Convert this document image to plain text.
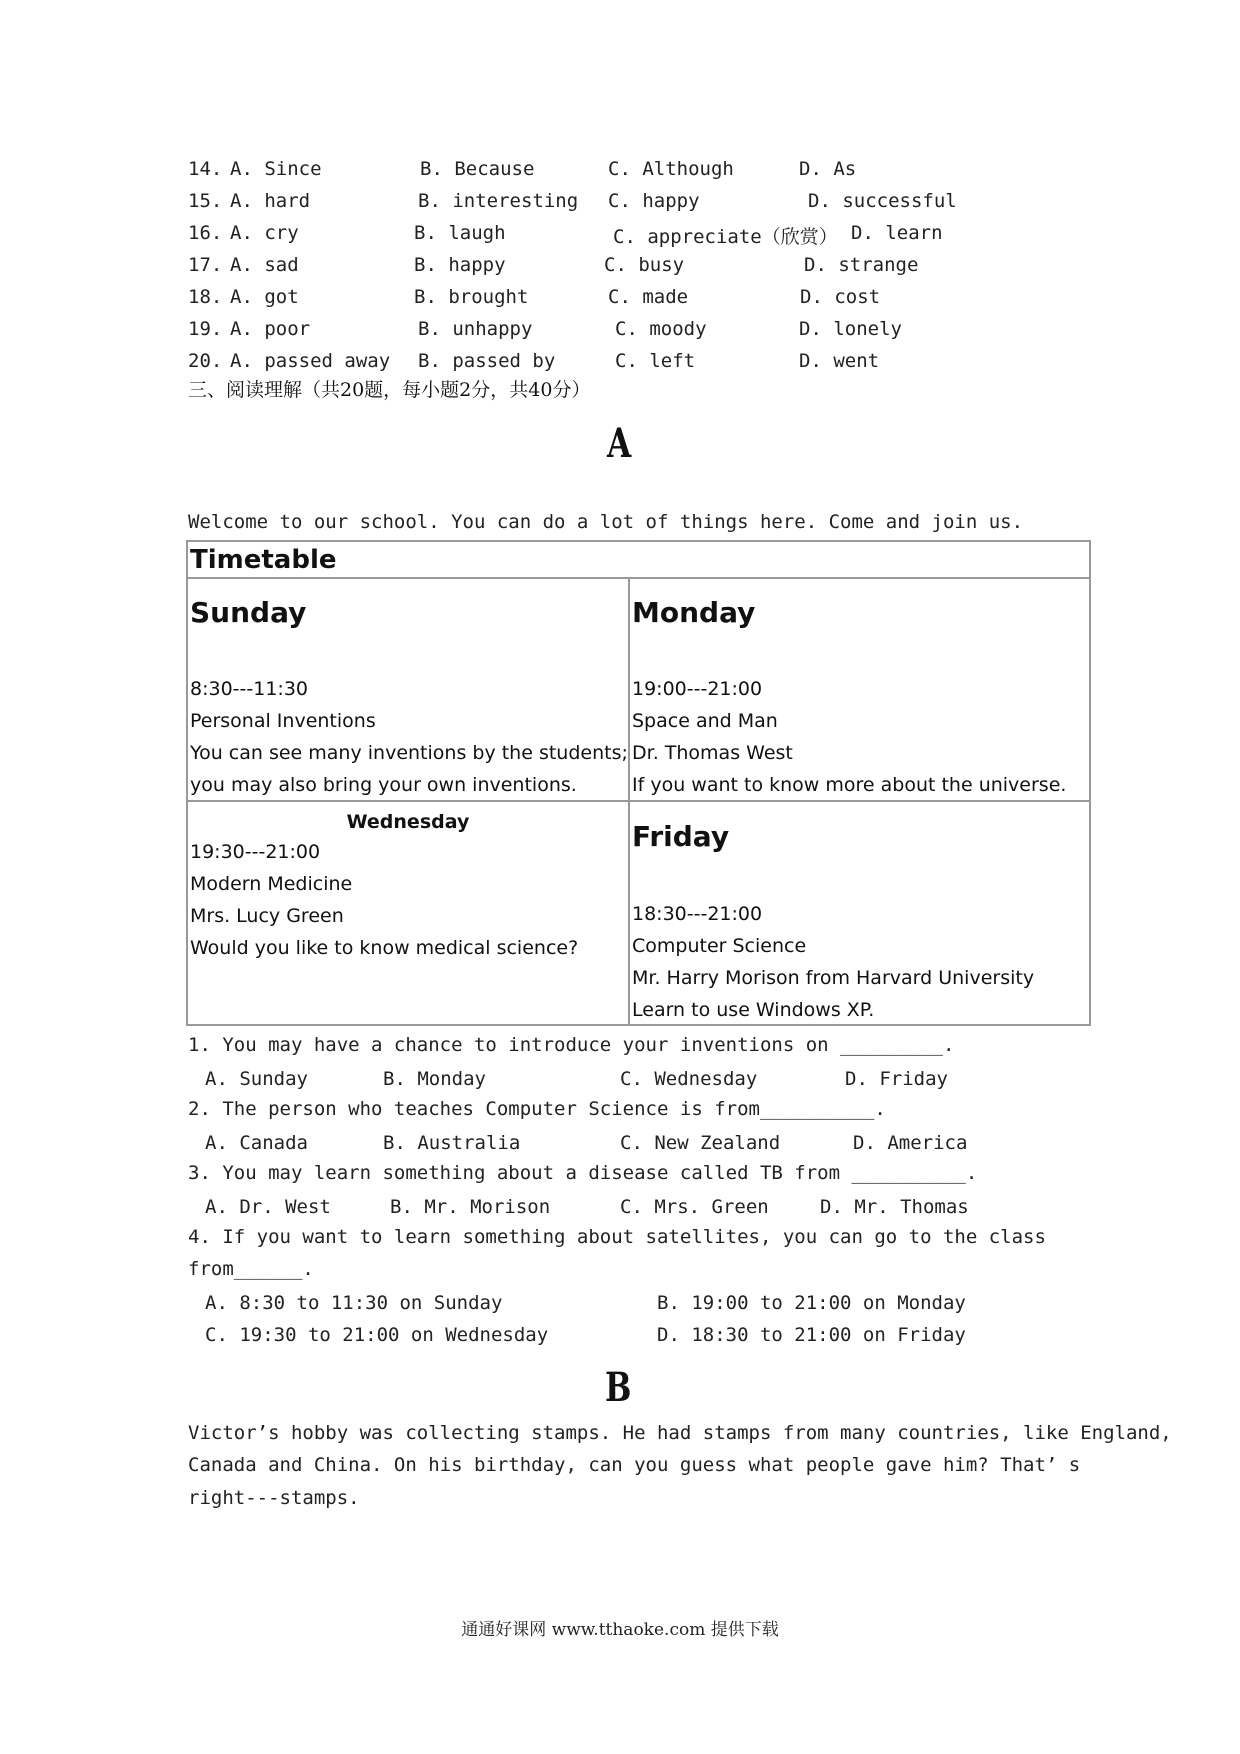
14. A. Since	B. Because	C. Although	D. As
15. A. hard	B. interesting C. happy	D. successful
16. A. cry	B. laugh	C. appreciate（欣赏） D. learn
17. A. sad	B. happy	C. busy	D. strange
18. A. got	B. brought	C. made	D. cost
19. A. poor	B. unhappy	C. moody	D. lonely
20. A. passed away B. passed by	C. left	D. went
三、阅读理解（共20题，每小题2分，共40分）
A
Welcome to our school. You can do a lot of things here. Come and join us.
Timetable
Sunday
8:30---11:30
Personal Inventions
You can see many inventions by the students;
you may also bring your own inventions.
Monday
19:00---21:00
Space and Man
Dr. Thomas West
If you want to know more about the universe.
Wednesday
19:30---21:00
Modern Medicine
Mrs. Lucy Green
Would you like to know medical science?
Friday
18:30---21:00
Computer Science
Mr. Harry Morison from Harvard University
Learn to use Windows XP.
1. You may have a chance to introduce your inventions on _________.
A. Sunday	B. Monday	C. Wednesday	D. Friday
2. The person who teaches Computer Science is from__________.
A. Canada	B. Australia	C. New Zealand	D. America
3. You may learn something about a disease called TB from __________.
A. Dr. West	B. Mr. Morison	C. Mrs. Green	D. Mr. Thomas
4. If you want to learn something about satellites, you can go to the class
from______.
A. 8:30 to 11:30 on Sunday	B. 19:00 to 21:00 on Monday
C. 19:30 to 21:00 on Wednesday	D. 18:30 to 21:00 on Friday
B
Victor’s hobby was collecting stamps. He had stamps from many countries, like England,
Canada and China. On his birthday, can you guess what people gave him? That’ s
right---stamps.
通通好课网 www.tthaoke.com 提供下载
